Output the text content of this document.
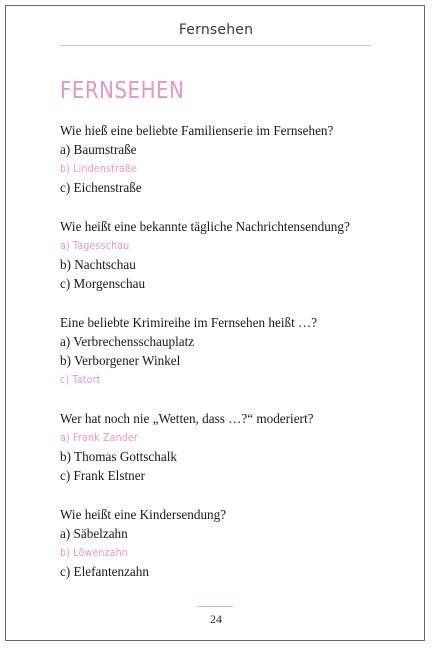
Fernsehen
FERNSEHEN
Wie hieß eine beliebte Familienserie im Fernsehen?
a) Baumstraße
b) Lindenstraße
c) Eichenstraße
Wie heißt eine bekannte tägliche Nachrichtensendung?
a) Tagesschau
b) Nachtschau
c) Morgenschau
Eine beliebte Krimireihe im Fernsehen heißt …?
a) Verbrechensschauplatz
b) Verborgener Winkel
c) Tatort
Wer hat noch nie „Wetten, dass …?“ moderiert?
a) Frank Zander
b) Thomas Gottschalk
c) Frank Elstner
Wie heißt eine Kindersendung?
a) Säbelzahn
b) Löwenzahn
c) Elefantenzahn
24
